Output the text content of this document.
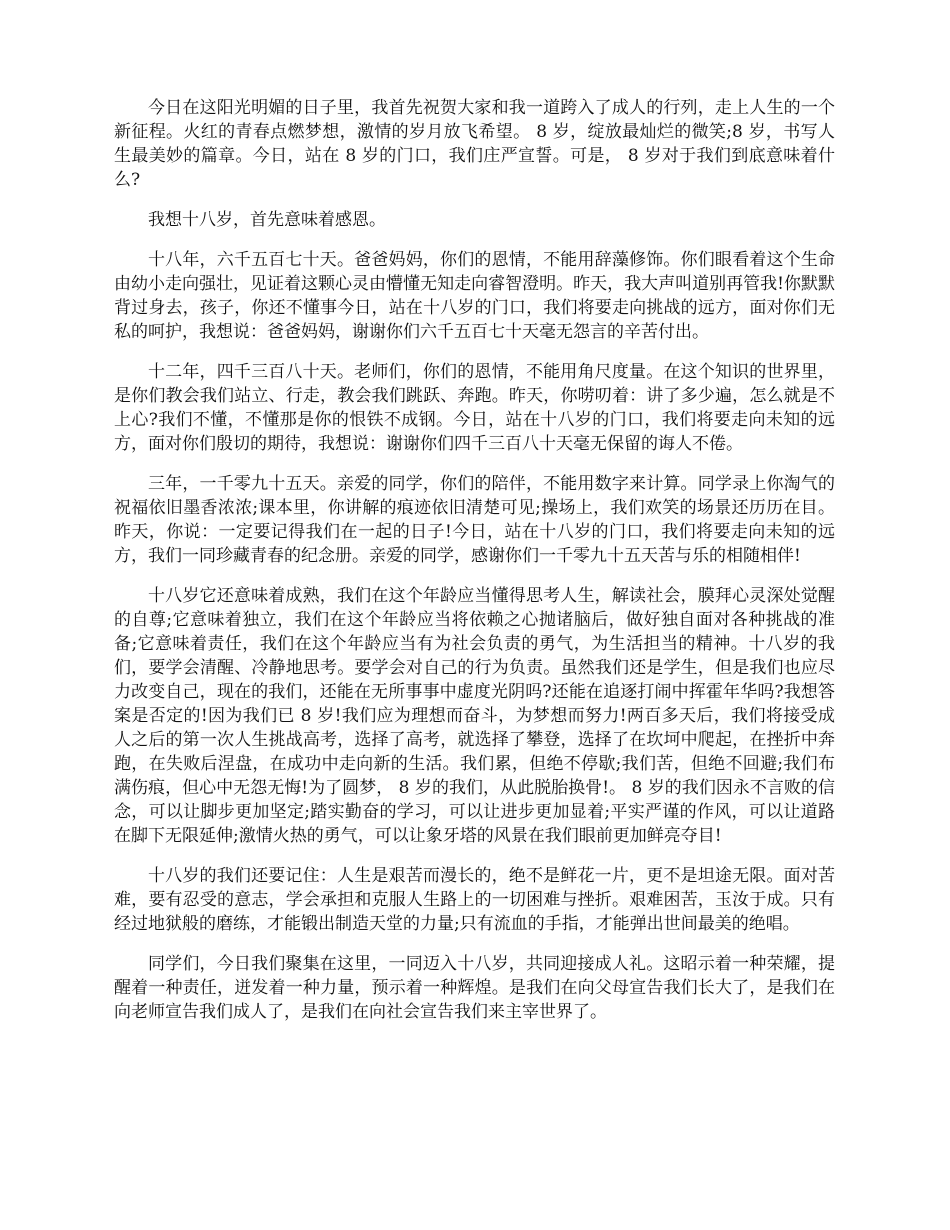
今日在这阳光明媚的日子里，我首先祝贺大家和我一道跨入了成人的行列，走上人生的一个新征程。火红的青春点燃梦想，激情的岁月放飞希望。 8 岁，绽放最灿烂的微笑;8 岁，书写人生最美妙的篇章。今日，站在 8 岁的门口，我们庄严宣誓。可是， 8 岁对于我们到底意味着什么?

我想十八岁，首先意味着感恩。

十八年，六千五百七十天。爸爸妈妈，你们的恩情，不能用辞藻修饰。你们眼看着这个生命由幼小走向强壮，见证着这颗心灵由懵懂无知走向睿智澄明。昨天，我大声叫道别再管我!你默默背过身去，孩子，你还不懂事今日，站在十八岁的门口，我们将要走向挑战的远方，面对你们无私的呵护，我想说：爸爸妈妈，谢谢你们六千五百七十天毫无怨言的辛苦付出。

十二年，四千三百八十天。老师们，你们的恩情，不能用角尺度量。在这个知识的世界里，是你们教会我们站立、行走，教会我们跳跃、奔跑。昨天，你唠叨着：讲了多少遍，怎么就是不上心?我们不懂，不懂那是你的恨铁不成钢。今日，站在十八岁的门口，我们将要走向未知的远方，面对你们殷切的期待，我想说：谢谢你们四千三百八十天毫无保留的诲人不倦。

三年，一千零九十五天。亲爱的同学，你们的陪伴，不能用数字来计算。同学录上你淘气的祝福依旧墨香浓浓;课本里，你讲解的痕迹依旧清楚可见;操场上，我们欢笑的场景还历历在目。昨天，你说：一定要记得我们在一起的日子!今日，站在十八岁的门口，我们将要走向未知的远方，我们一同珍藏青春的纪念册。亲爱的同学，感谢你们一千零九十五天苦与乐的相随相伴!

十八岁它还意味着成熟，我们在这个年龄应当懂得思考人生，解读社会，膜拜心灵深处觉醒的自尊;它意味着独立，我们在这个年龄应当将依赖之心抛诸脑后，做好独自面对各种挑战的准备;它意味着责任，我们在这个年龄应当有为社会负责的勇气，为生活担当的精神。十八岁的我们，要学会清醒、冷静地思考。要学会对自己的行为负责。虽然我们还是学生，但是我们也应尽力改变自己，现在的我们，还能在无所事事中虚度光阴吗?还能在追逐打闹中挥霍年华吗?我想答案是否定的!因为我们已 8 岁!我们应为理想而奋斗，为梦想而努力!两百多天后，我们将接受成人之后的第一次人生挑战高考，选择了高考，就选择了攀登，选择了在坎坷中爬起，在挫折中奔跑，在失败后涅盘，在成功中走向新的生活。我们累，但绝不停歇;我们苦，但绝不回避;我们布满伤痕，但心中无怨无悔!为了圆梦， 8 岁的我们，从此脱胎换骨!。 8 岁的我们因永不言败的信念，可以让脚步更加坚定;踏实勤奋的学习，可以让进步更加显着;平实严谨的作风，可以让道路在脚下无限延伸;激情火热的勇气，可以让象牙塔的风景在我们眼前更加鲜亮夺目!

十八岁的我们还要记住：人生是艰苦而漫长的，绝不是鲜花一片，更不是坦途无限。面对苦难，要有忍受的意志，学会承担和克服人生路上的一切困难与挫折。艰难困苦，玉汝于成。只有经过地狱般的磨练，才能锻出制造天堂的力量;只有流血的手指，才能弹出世间最美的绝唱。

同学们，今日我们聚集在这里，一同迈入十八岁，共同迎接成人礼。这昭示着一种荣耀，提醒着一种责任，迸发着一种力量，预示着一种辉煌。是我们在向父母宣告我们长大了，是我们在向老师宣告我们成人了，是我们在向社会宣告我们来主宰世界了。
